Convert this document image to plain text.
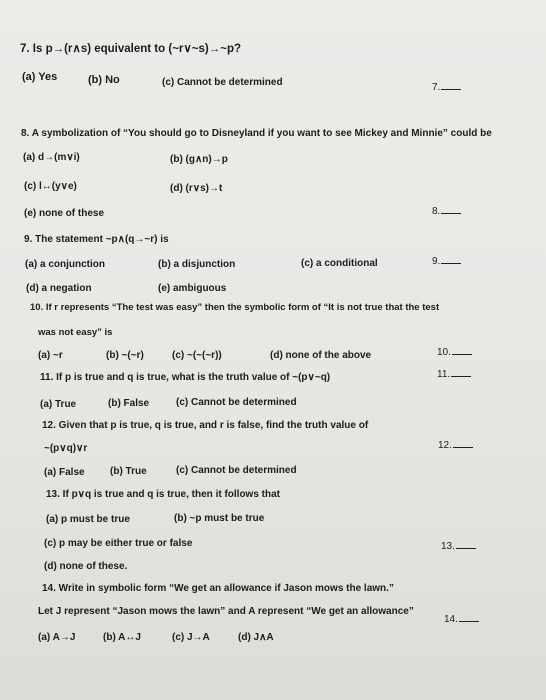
7. Is p→(r∧s) equivalent to (~r∨~s)→~p?
(a) Yes	(b) No	(c) Cannot be determined	7.
8. A symbolization of “You should go to Disneyland if you want to see Mickey and Minnie” could be
(a) d→(m∨i)	(b) (g∧n)→p
(c) l↔(y∨e)	(d) (r∨s)→t
(e) none of these	8.
9. The statement ~p∧(q→~r) is
(a) a conjunction	(b) a disjunction	(c) a conditional
(d) a negation	(e) ambiguous
9.
10. If r represents “The test was easy” then the symbolic form of “It is not true that the test
was not easy” is
(a) ~r	(b) ~(~r)	(c) ~(~(~r))	(d) none of the above	10.
11. If p is true and q is true, what is the truth value of ~(p∨~q)	11.
(a) True	(b) False	(c) Cannot be determined
12. Given that p is true, q is true, and r is false, find the truth value of
~(p∨q)∨r	12.
(a) False	(b) True	(c) Cannot be determined
13. If p∨q is true and q is true, then it follows that
(a) p must be true	(b) ~p must be true
(c) p may be either true or false	13.
(d) none of these.
14. Write in symbolic form “We get an allowance if Jason mows the lawn.”
Let J represent “Jason mows the lawn” and A represent “We get an allowance”
14.
(a) A→J	(b) A↔J	(c) J→A	(d) J∧A
